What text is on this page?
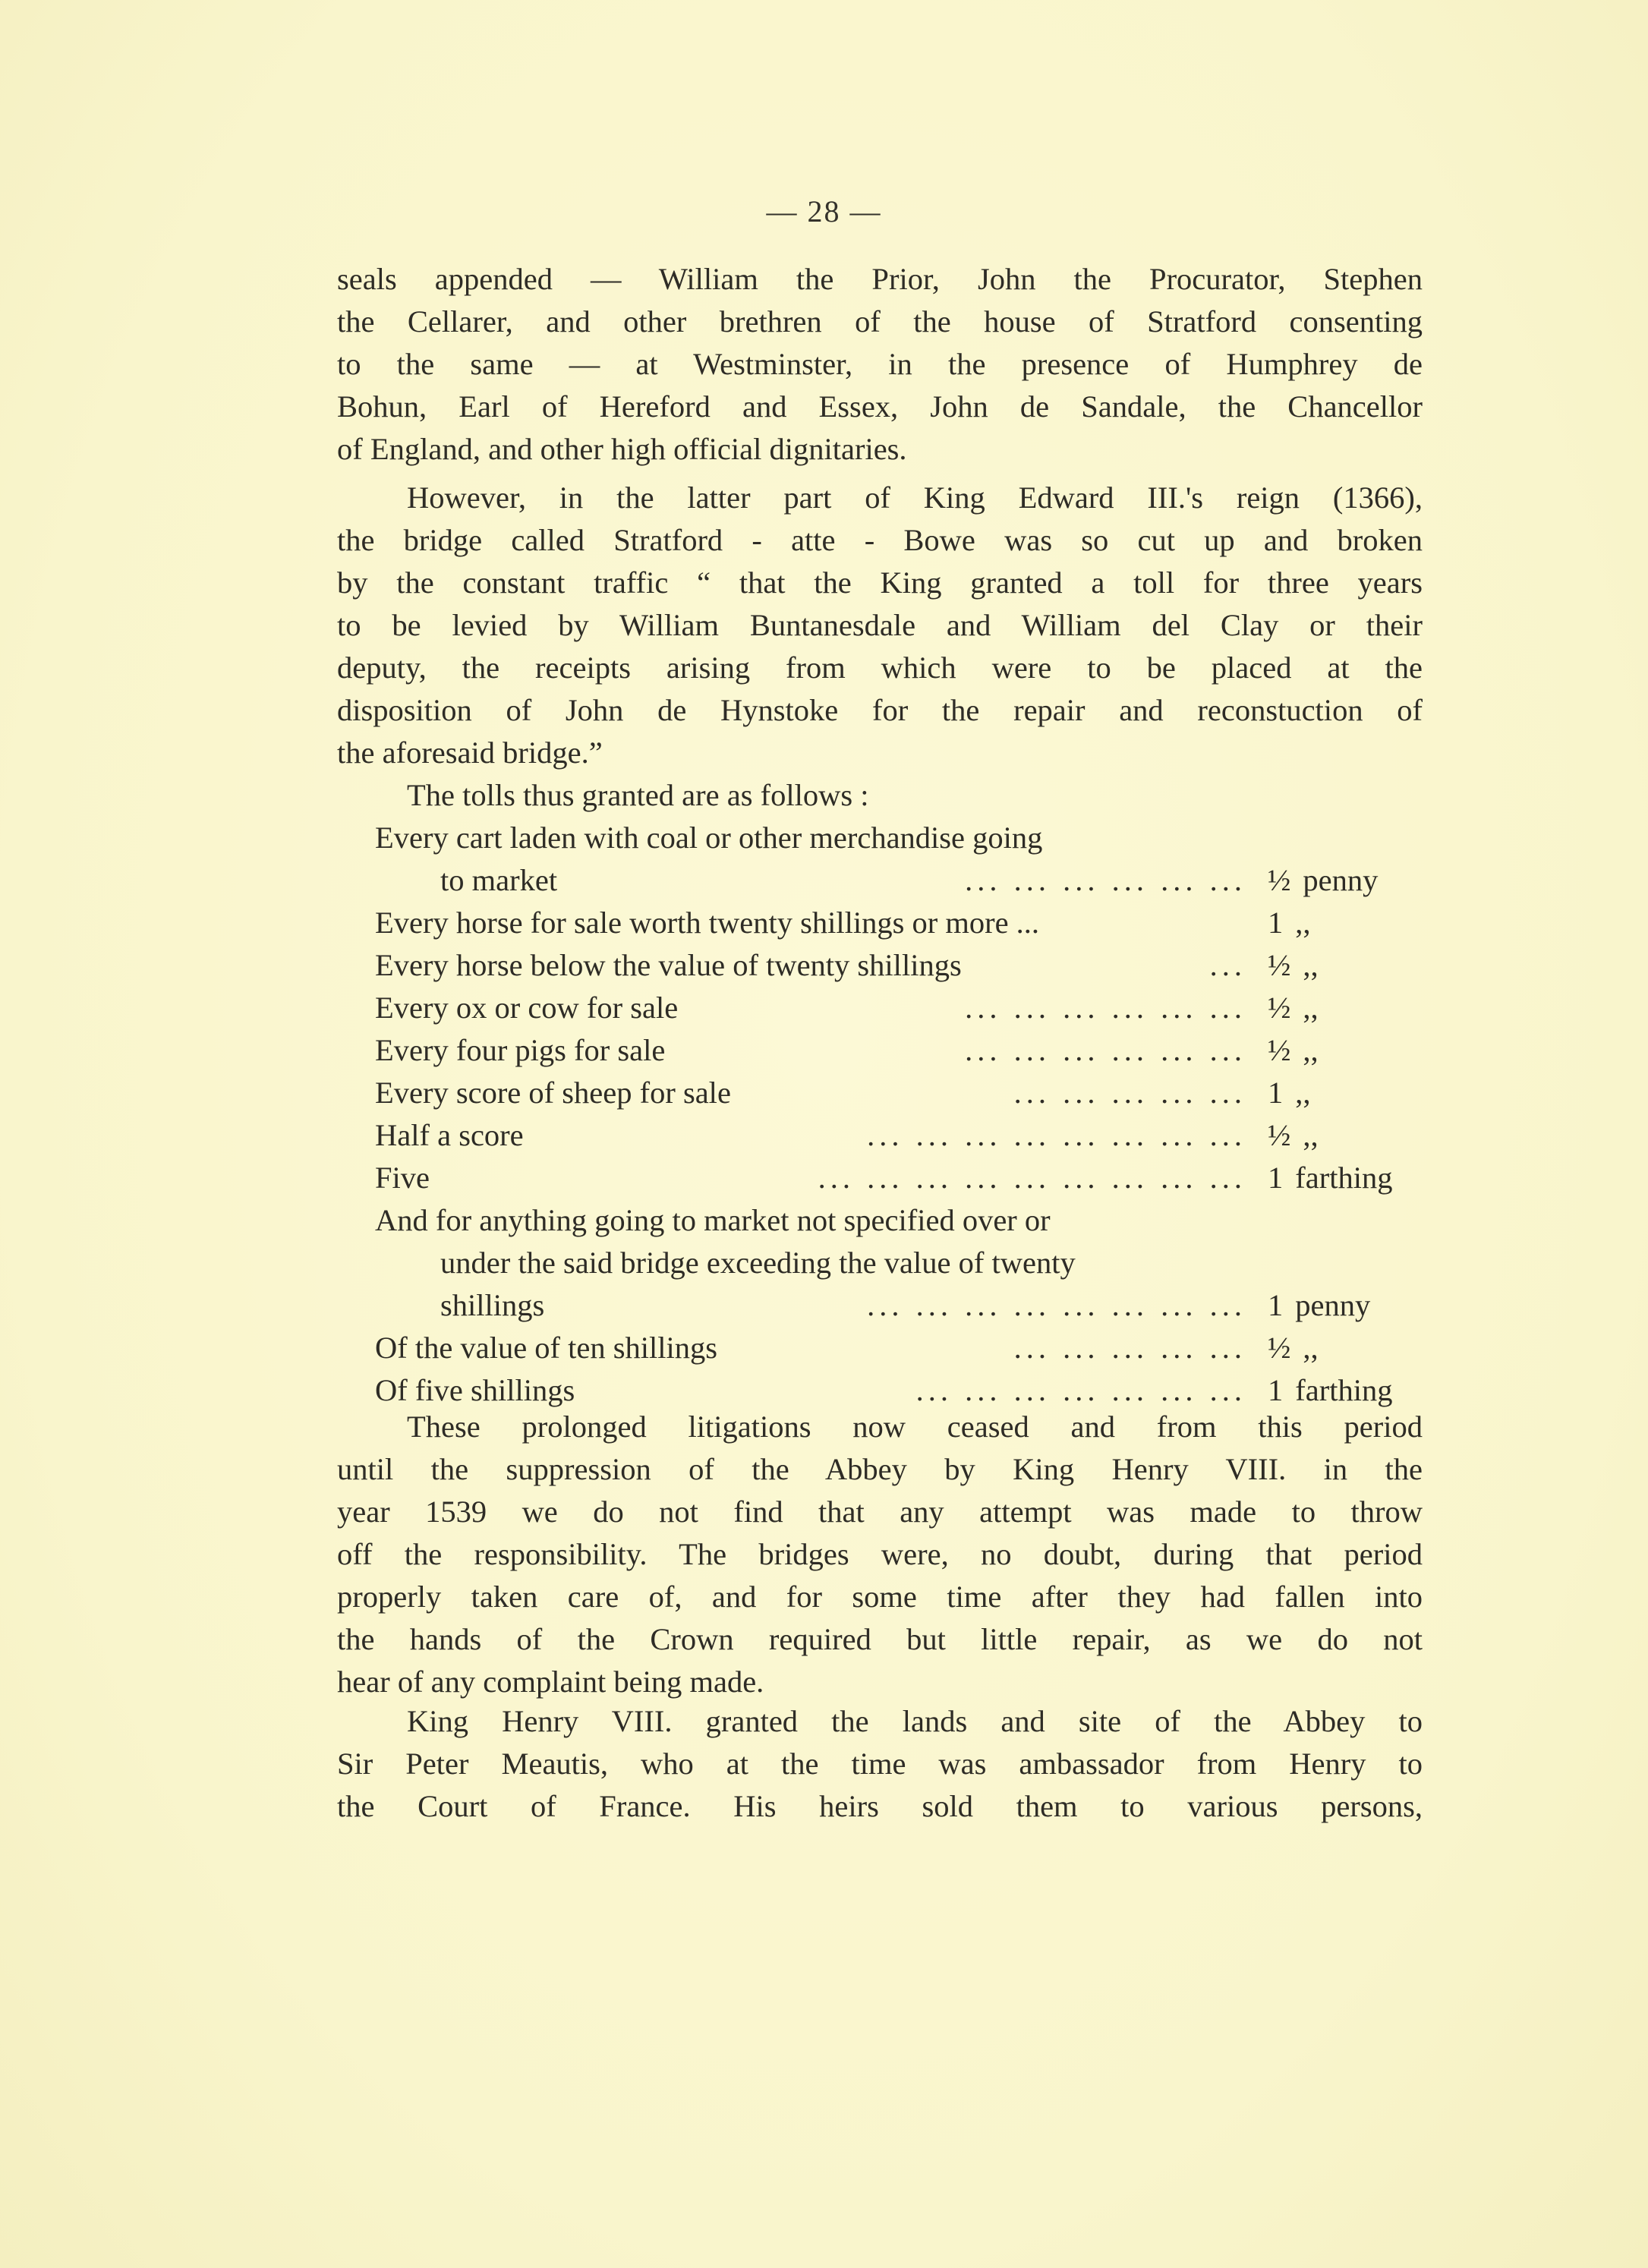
— 28 —

seals appended — William the Prior, John the Procurator, Stephen

the Cellarer, and other brethren of the house of Stratford consenting

to the same — at Westminster, in the presence of Humphrey de

Bohun, Earl of Hereford and Essex, John de Sandale, the Chancellor

of England, and other high official dignitaries.

However, in the latter part of King Edward III.'s reign (1366),

the bridge called Stratford - atte - Bowe was so cut up and broken

by the constant traffic “ that the King granted a toll for three years

to be levied by William Buntanesdale and William del Clay or their

deputy, the receipts arising from which were to be placed at the

disposition of John de Hynstoke for the repair and reconstuction of

the aforesaid bridge.”

The tolls thus granted are as follows :
Every cart laden with coal or other merchandise going
to market	... ... ... ... ... ... ½ penny
Every horse for sale worth twenty shillings or more ...	1 ,,
Every horse below the value of twenty shillings	... ½ ,,
Every ox or cow for sale	... ... ... ... ... ... ½ ,,
Every four pigs for sale	... ... ... ... ... ... ½ ,,
Every score of sheep for sale	... ... ... ... ... 1 ,,
Half a score	... ... ... ... ... ... ... ... ½ ,,
Five	... ... ... ... ... ... ... ... ... 1 farthing
And for anything going to market not specified over or
under the said bridge exceeding the value of twenty
shillings	... ... ... ... ... ... ... ... 1 penny
Of the value of ten shillings	... ... ... ... ... ½ ,,
Of five shillings	... ... ... ... ... ... ... 1 farthing

These prolonged litigations now ceased and from this period

until the suppression of the Abbey by King Henry VIII. in the

year 1539 we do not find that any attempt was made to throw

off the responsibility. The bridges were, no doubt, during that period

properly taken care of, and for some time after they had fallen into

the hands of the Crown required but little repair, as we do not

hear of any complaint being made.

King Henry VIII. granted the lands and site of the Abbey to

Sir Peter Meautis, who at the time was ambassador from Henry to

the Court of France. His heirs sold them to various persons,
